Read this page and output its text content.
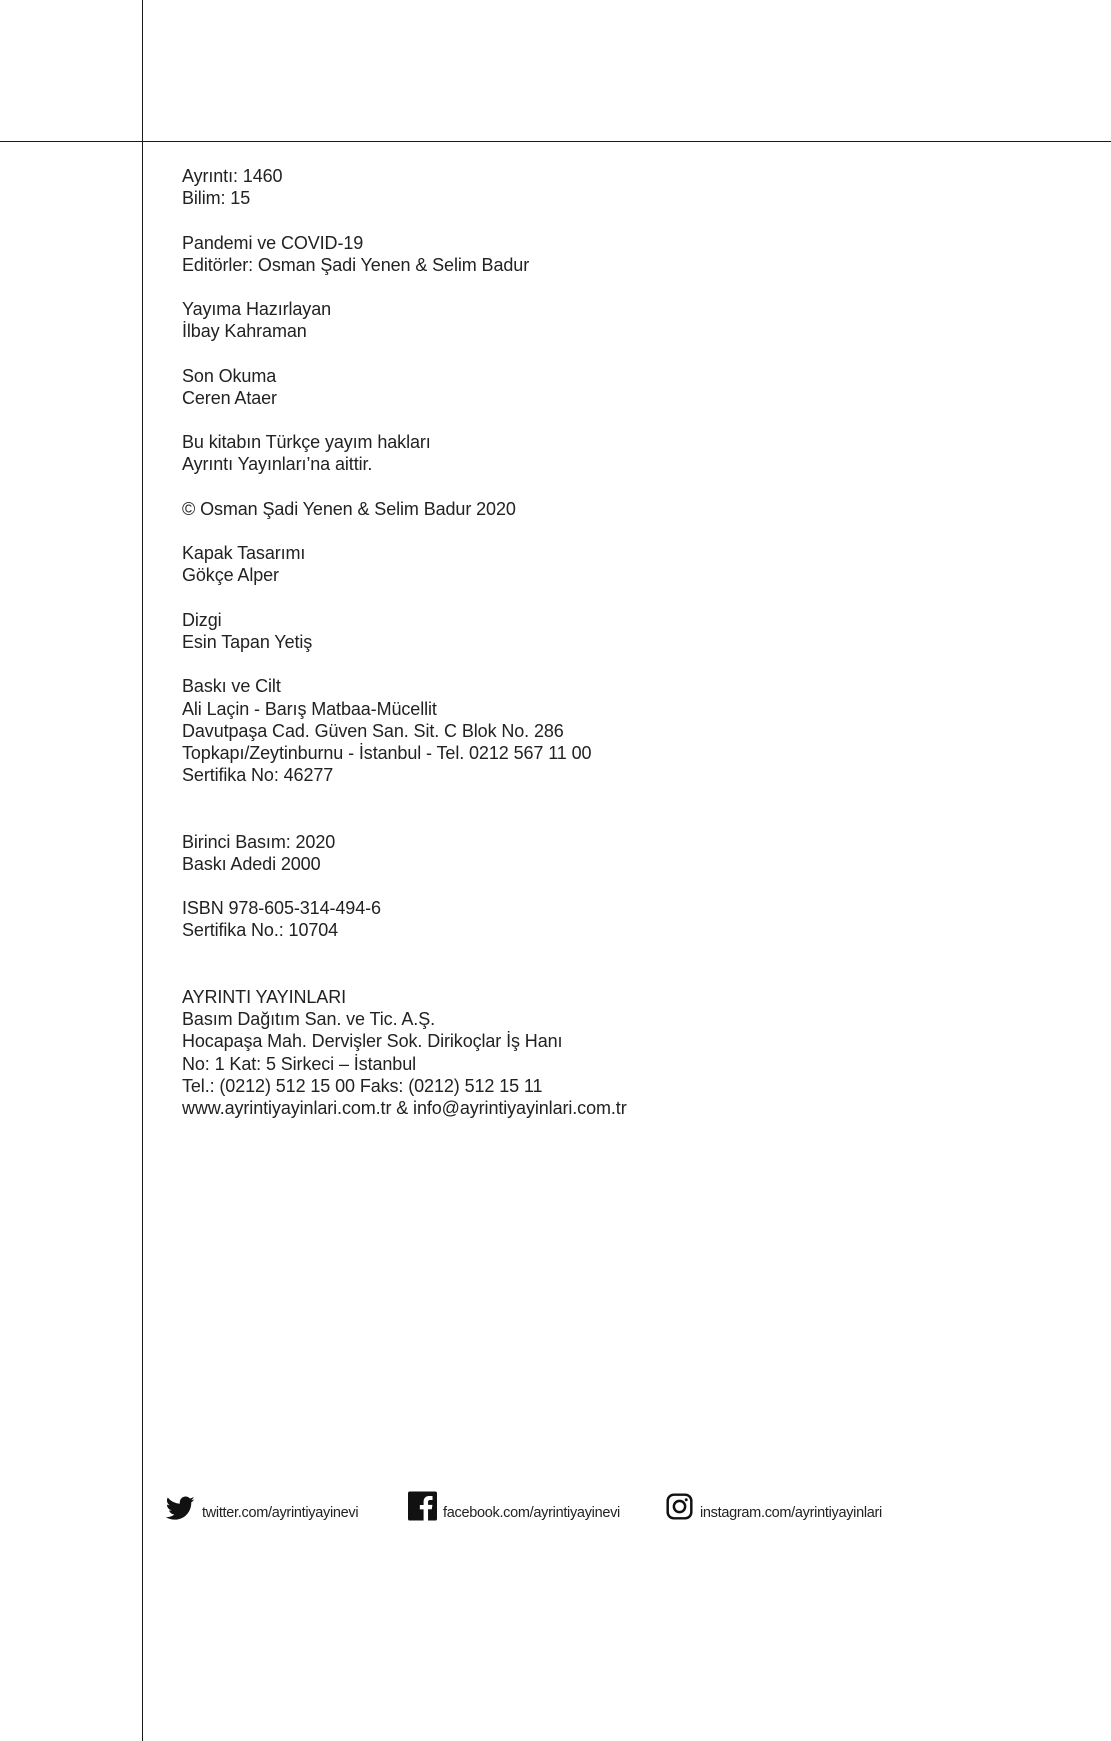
Ayrıntı: 1460
Bilim: 15
Pandemi ve COVID-19
Editörler: Osman Şadi Yenen & Selim Badur
Yayıma Hazırlayan
İlbay Kahraman
Son Okuma
Ceren Ataer
Bu kitabın Türkçe yayım hakları
Ayrıntı Yayınları’na aittir.
© Osman Şadi Yenen & Selim Badur 2020
Kapak Tasarımı
Gökçe Alper
Dizgi
Esin Tapan Yetiş
Baskı ve Cilt
Ali Laçin - Barış Matbaa-Mücellit
Davutpaşa Cad. Güven San. Sit. C Blok No. 286
Topkapı/Zeytinburnu - İstanbul - Tel. 0212 567 11 00
Sertifika No: 46277
Birinci Basım: 2020
Baskı Adedi 2000
ISBN 978-605-314-494-6
Sertifika No.: 10704
AYRINTI YAYINLARI
Basım Dağıtım San. ve Tic. A.Ş.
Hocapaşa Mah. Dervişler Sok. Dirikoçlar İş Hanı
No: 1 Kat: 5 Sirkeci – İstanbul
Tel.: (0212) 512 15 00 Faks: (0212) 512 15 11
www.ayrintiyayinlari.com.tr & info@ayrintiyayinlari.com.tr
twitter.com/ayrintiyayinevi	facebook.com/ayrintiyayinevi	instagram.com/ayrintiyayinlari
